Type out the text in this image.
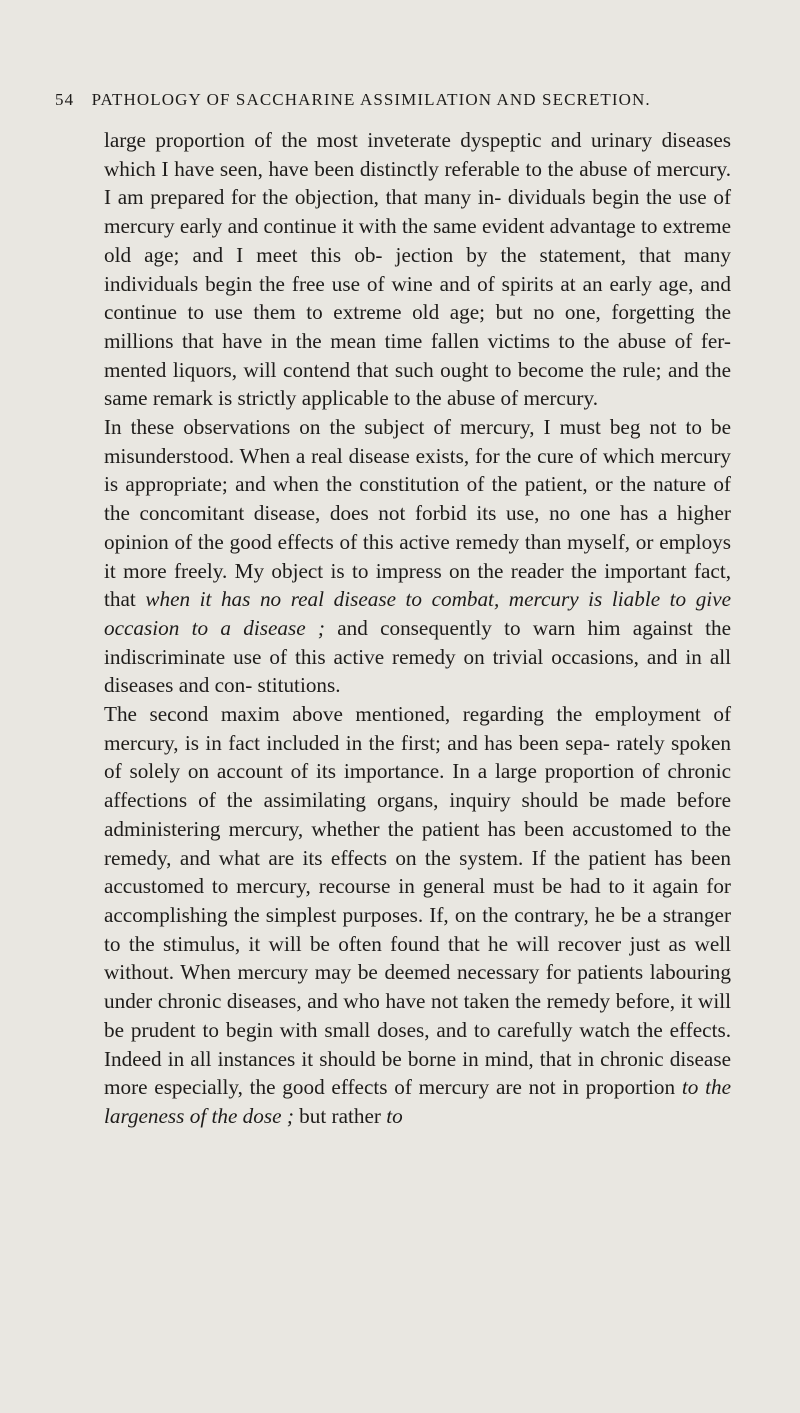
54 PATHOLOGY OF SACCHARINE ASSIMILATION AND SECRETION.

large proportion of the most inveterate dyspeptic and urinary diseases which I have seen, have been distinctly referable to the abuse of mercury. I am prepared for the objection, that many in- dividuals begin the use of mercury early and continue it with the same evident advantage to extreme old age; and I meet this ob- jection by the statement, that many individuals begin the free use of wine and of spirits at an early age, and continue to use them to extreme old age; but no one, forgetting the millions that have in the mean time fallen victims to the abuse of fer- mented liquors, will contend that such ought to become the rule; and the same remark is strictly applicable to the abuse of mercury.

In these observations on the subject of mercury, I must beg not to be misunderstood. When a real disease exists, for the cure of which mercury is appropriate; and when the constitution of the patient, or the nature of the concomitant disease, does not forbid its use, no one has a higher opinion of the good effects of this active remedy than myself, or employs it more freely. My object is to impress on the reader the important fact, that when it has no real disease to combat, mercury is liable to give occasion to a disease ; and consequently to warn him against the indiscriminate use of this active remedy on trivial occasions, and in all diseases and con- stitutions.

The second maxim above mentioned, regarding the employment of mercury, is in fact included in the first; and has been sepa- rately spoken of solely on account of its importance. In a large proportion of chronic affections of the assimilating organs, inquiry should be made before administering mercury, whether the patient has been accustomed to the remedy, and what are its effects on the system. If the patient has been accustomed to mercury, recourse in general must be had to it again for accomplishing the simplest purposes. If, on the contrary, he be a stranger to the stimulus, it will be often found that he will recover just as well without. When mercury may be deemed necessary for patients labouring under chronic diseases, and who have not taken the remedy before, it will be prudent to begin with small doses, and to carefully watch the effects. Indeed in all instances it should be borne in mind, that in chronic disease more especially, the good effects of mercury are not in proportion to the largeness of the dose ; but rather to
